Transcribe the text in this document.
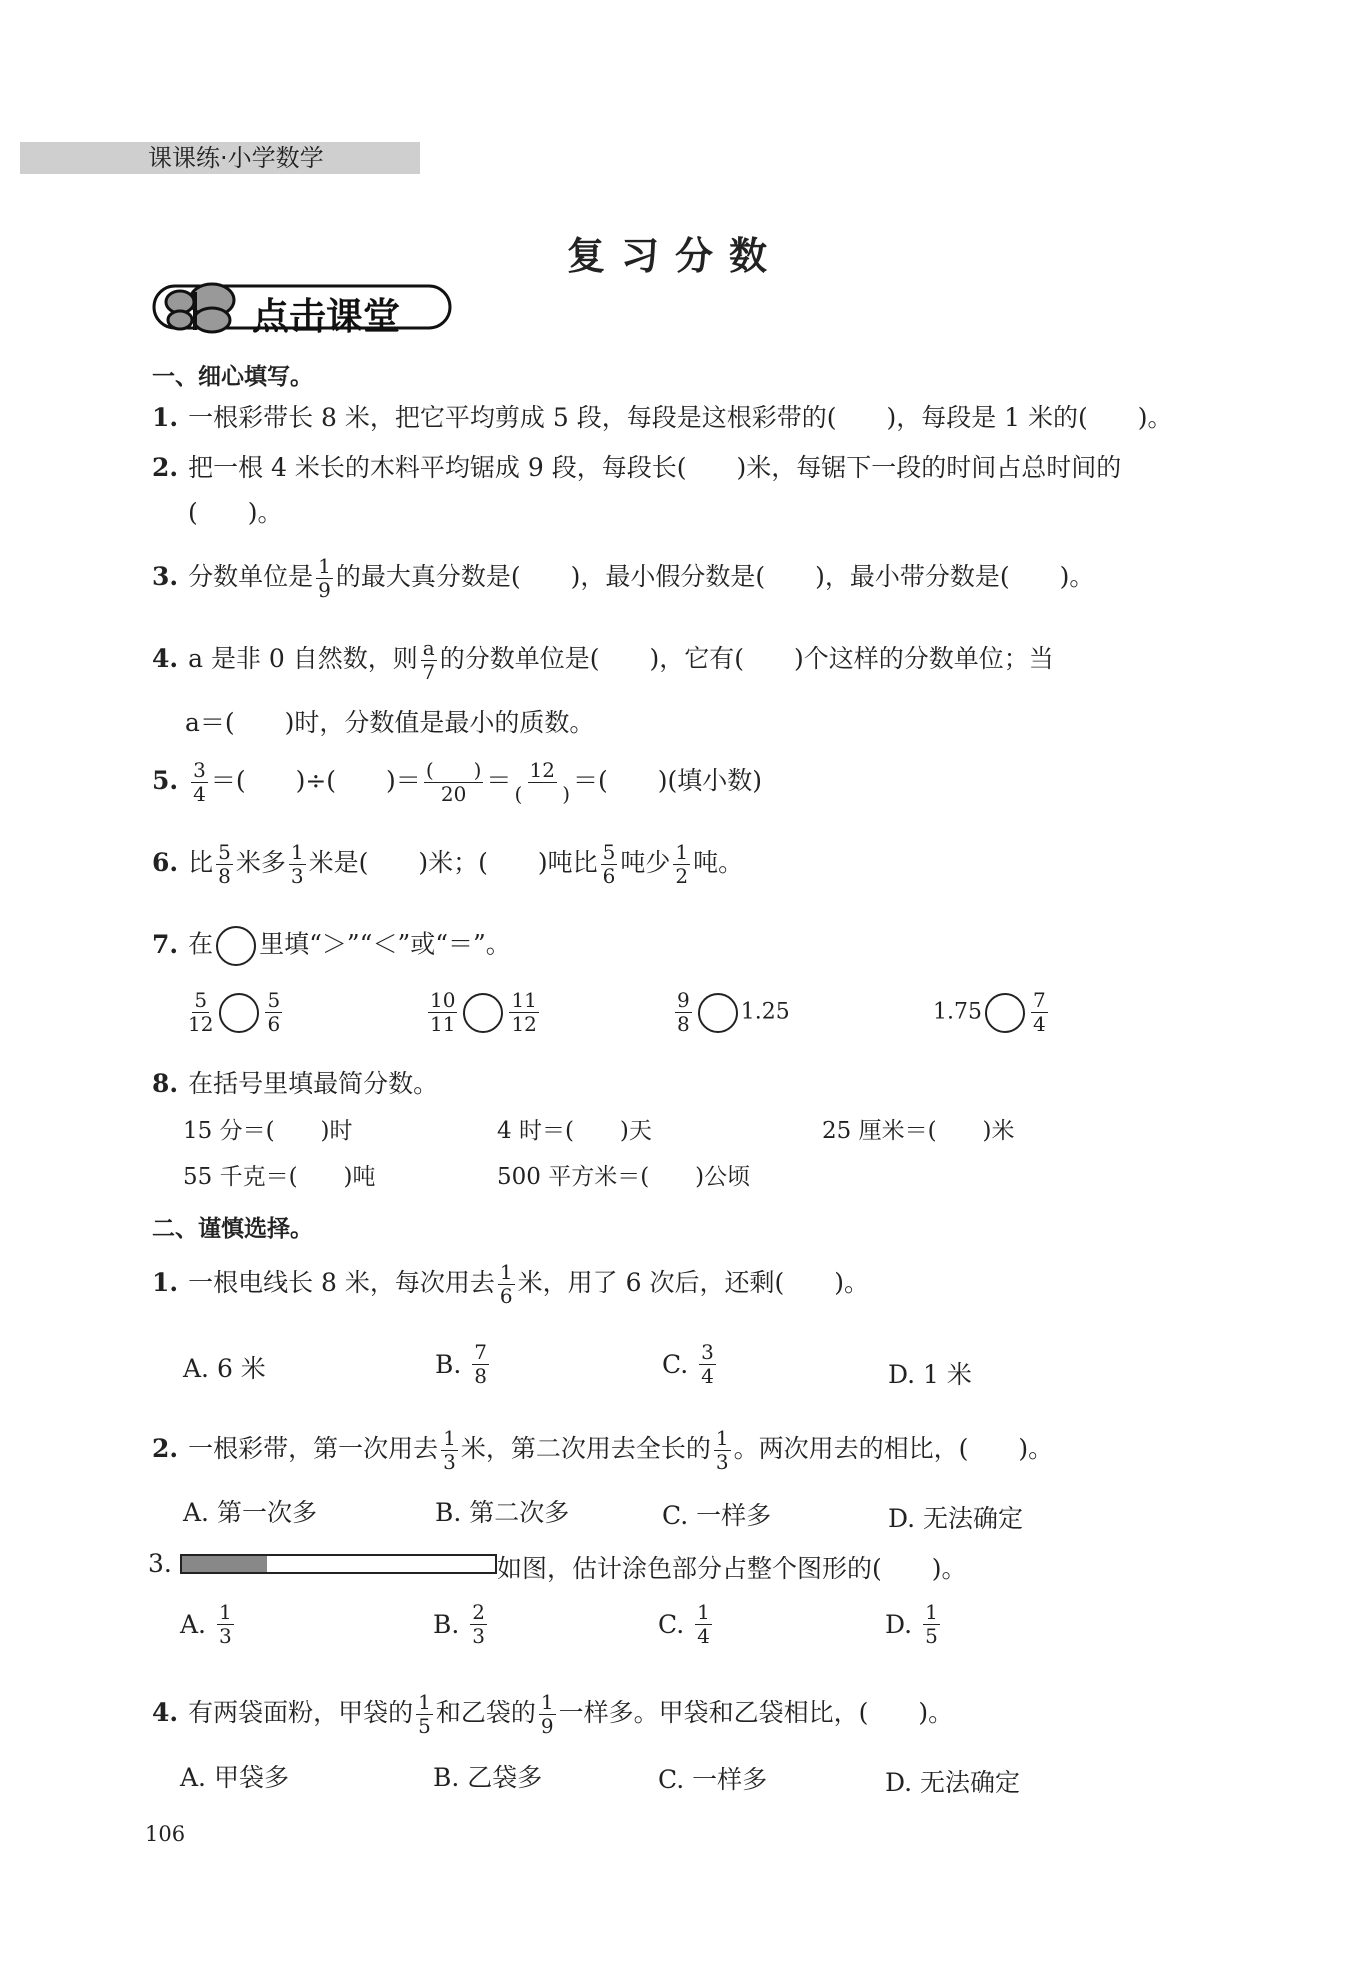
课课练·小学数学
复习分数
点击课堂
一、细心填写。
1. 一根彩带长 8 米，把它平均剪成 5 段，每段是这根彩带的(　　)，每段是 1 米的(　　)。
2. 把一根 4 米长的木料平均锯成 9 段，每段长(　　)米，每锯下一段的时间占总时间的
(　　)。
3. 分数单位是 $\frac{1}{9}$ 的最大真分数是(　　)，最小假分数是(　　)，最小带分数是(　　)。
4. a 是非 0 自然数，则 $\frac{a}{7}$ 的分数单位是(　　)，它有(　　)个这样的分数单位；当
a＝(　　)时，分数值是最小的质数。
5. $\frac{3}{4}$ ＝(　　)÷(　　)＝ $\frac{( )}{20} = \frac{12}{( )}$ ＝(　　)(填小数)
6. 比 $\frac{5}{8}$ 米多 $\frac{1}{3}$ 米是(　　)米；(　　)吨比 $\frac{5}{6}$ 吨少 $\frac{1}{2}$ 吨。
7. 在 里填“＞”“＜”或“＝”。
$\frac{5}{12}$	$\frac{5}{6}$	$\frac{10}{11}$	$\frac{11}{12}$	$\frac{9}{8} 1.25$	$1.75 \frac{7}{4}$
8. 在括号里填最简分数。
15 分＝(　　)时	4 时＝(　　)天	25 厘米＝(　　)米
55 千克＝(　　)吨	500 平方米＝(　　)公顷
二、谨慎选择。
1. 一根电线长 8 米，每次用去 $\frac{1}{6}$ 米，用了 6 次后，还剩(　　)。
A. 6 米	B. $\frac{7}{8}$	C. $\frac{3}{4}$	D. 1 米
2. 一根彩带，第一次用去 $\frac{1}{3}$ 米，第二次用去全长的 $\frac{1}{3}$ 。两次用去的相比，(　　)。
A. 第一次多	B. 第二次多	C. 一样多	D. 无法确定
3.	如图，估计涂色部分占整个图形的(　　)。
A. $\frac{1}{3}$	B. $\frac{2}{3}$	C. $\frac{1}{4}$	D. $\frac{1}{5}$
4. 有两袋面粉，甲袋的 $\frac{1}{5}$ 和乙袋的 $\frac{1}{9}$ 一样多。甲袋和乙袋相比，(　　)。
A. 甲袋多	B. 乙袋多	C. 一样多	D. 无法确定
106
